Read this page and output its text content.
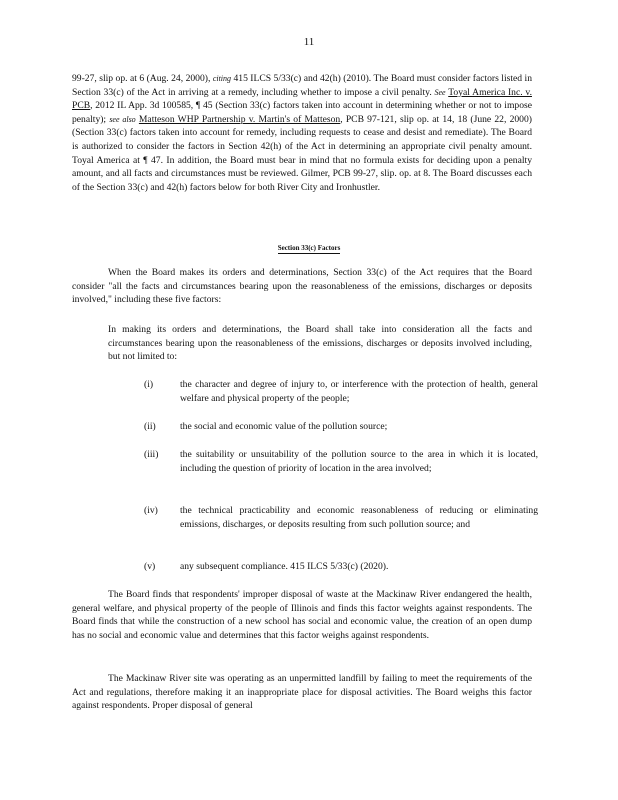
11
99-27, slip op. at 6 (Aug. 24, 2000), citing 415 ILCS 5/33(c) and 42(h) (2010). The Board must consider factors listed in Section 33(c) of the Act in arriving at a remedy, including whether to impose a civil penalty. See Toyal America Inc. v. PCB, 2012 IL App. 3d 100585, ¶ 45 (Section 33(c) factors taken into account in determining whether or not to impose penalty); see also Matteson WHP Partnership v. Martin's of Matteson, PCB 97-121, slip op. at 14, 18 (June 22, 2000) (Section 33(c) factors taken into account for remedy, including requests to cease and desist and remediate). The Board is authorized to consider the factors in Section 42(h) of the Act in determining an appropriate civil penalty amount. Toyal America at ¶ 47. In addition, the Board must bear in mind that no formula exists for deciding upon a penalty amount, and all facts and circumstances must be reviewed. Gilmer, PCB 99-27, slip. op. at 8. The Board discusses each of the Section 33(c) and 42(h) factors below for both River City and Ironhustler.
Section 33(c) Factors
When the Board makes its orders and determinations, Section 33(c) of the Act requires that the Board consider "all the facts and circumstances bearing upon the reasonableness of the emissions, discharges or deposits involved," including these five factors:
In making its orders and determinations, the Board shall take into consideration all the facts and circumstances bearing upon the reasonableness of the emissions, discharges or deposits involved including, but not limited to:
(i)	the character and degree of injury to, or interference with the protection of health, general welfare and physical property of the people;
(ii)	the social and economic value of the pollution source;
(iii)	the suitability or unsuitability of the pollution source to the area in which it is located, including the question of priority of location in the area involved;
(iv)	the technical practicability and economic reasonableness of reducing or eliminating emissions, discharges, or deposits resulting from such pollution source; and
(v)	any subsequent compliance. 415 ILCS 5/33(c) (2020).
The Board finds that respondents' improper disposal of waste at the Mackinaw River endangered the health, general welfare, and physical property of the people of Illinois and finds this factor weights against respondents. The Board finds that while the construction of a new school has social and economic value, the creation of an open dump has no social and economic value and determines that this factor weighs against respondents.
The Mackinaw River site was operating as an unpermitted landfill by failing to meet the requirements of the Act and regulations, therefore making it an inappropriate place for disposal activities. The Board weighs this factor against respondents. Proper disposal of general
